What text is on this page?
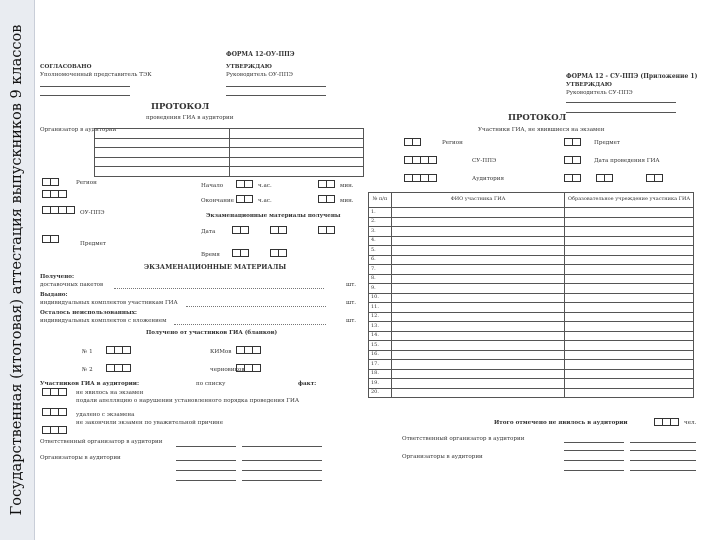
Государственная (итоговая) аттестация выпускников 9 классов	СОГЛАСОВАНО
Уполномоченный представитель ТЭК
ФОРМА 12-ОУ-ППЭ
УТВЕРЖДАЮ
Руководитель ОУ-ППЭ
ПРОТОКОЛ
проведения ГИА в аудитории
Организатор в аудитории

Регион
ОУ-ППЭ
Предмет
Начало	ч.ас.	мин.
Окончание	ч.ас.	мин.
Экзаменационные материалы получены
Дата
Время
ЭКЗАМЕНАЦИОННЫЕ МАТЕРИАЛЫ
Получено:
доставочных пакетов	шт.
Выдано:
индивидуальных комплектов участникам ГИА	шт.
Осталось неиспользованных:
индивидуальных комплектов с вложением	шт.
Получено от участников ГИА (бланков)
№ 1	КИМов
№ 2	черновиков
Участников ГИА в аудитории:	по списку	факт:
не явилось на экзамен
подали апелляцию о нарушении установленного порядка проведения ГИА
удалено с экзамена
не закончили экзамен по уважительной причине
Ответственный организатор в аудитории
Организаторы в аудитории
ФОРМА 12 - СУ-ППЭ (Приложение 1)
УТВЕРЖДАЮ
Руководитель СУ-ППЭ
ПРОТОКОЛ
Участники ГИА, не явившиеся на экзамен
Регион	Предмет
СУ-ППЭ	Дата проведения ГИА
Аудитория
№ п/п	ФИО участника ГИА	Образовательное учреждение участника ГИА
1.		
2.		
3.		
4.		
5.		
6.		
7.		
8.		
9.		
10.		
11.		
12.		
13.		
14.		
15.		
16.		
17.		
18.		
19.		
20.		
Итого отмечено не явилось в аудитории	чел.
Ответственный организатор в аудитории
Организаторы в аудитории
